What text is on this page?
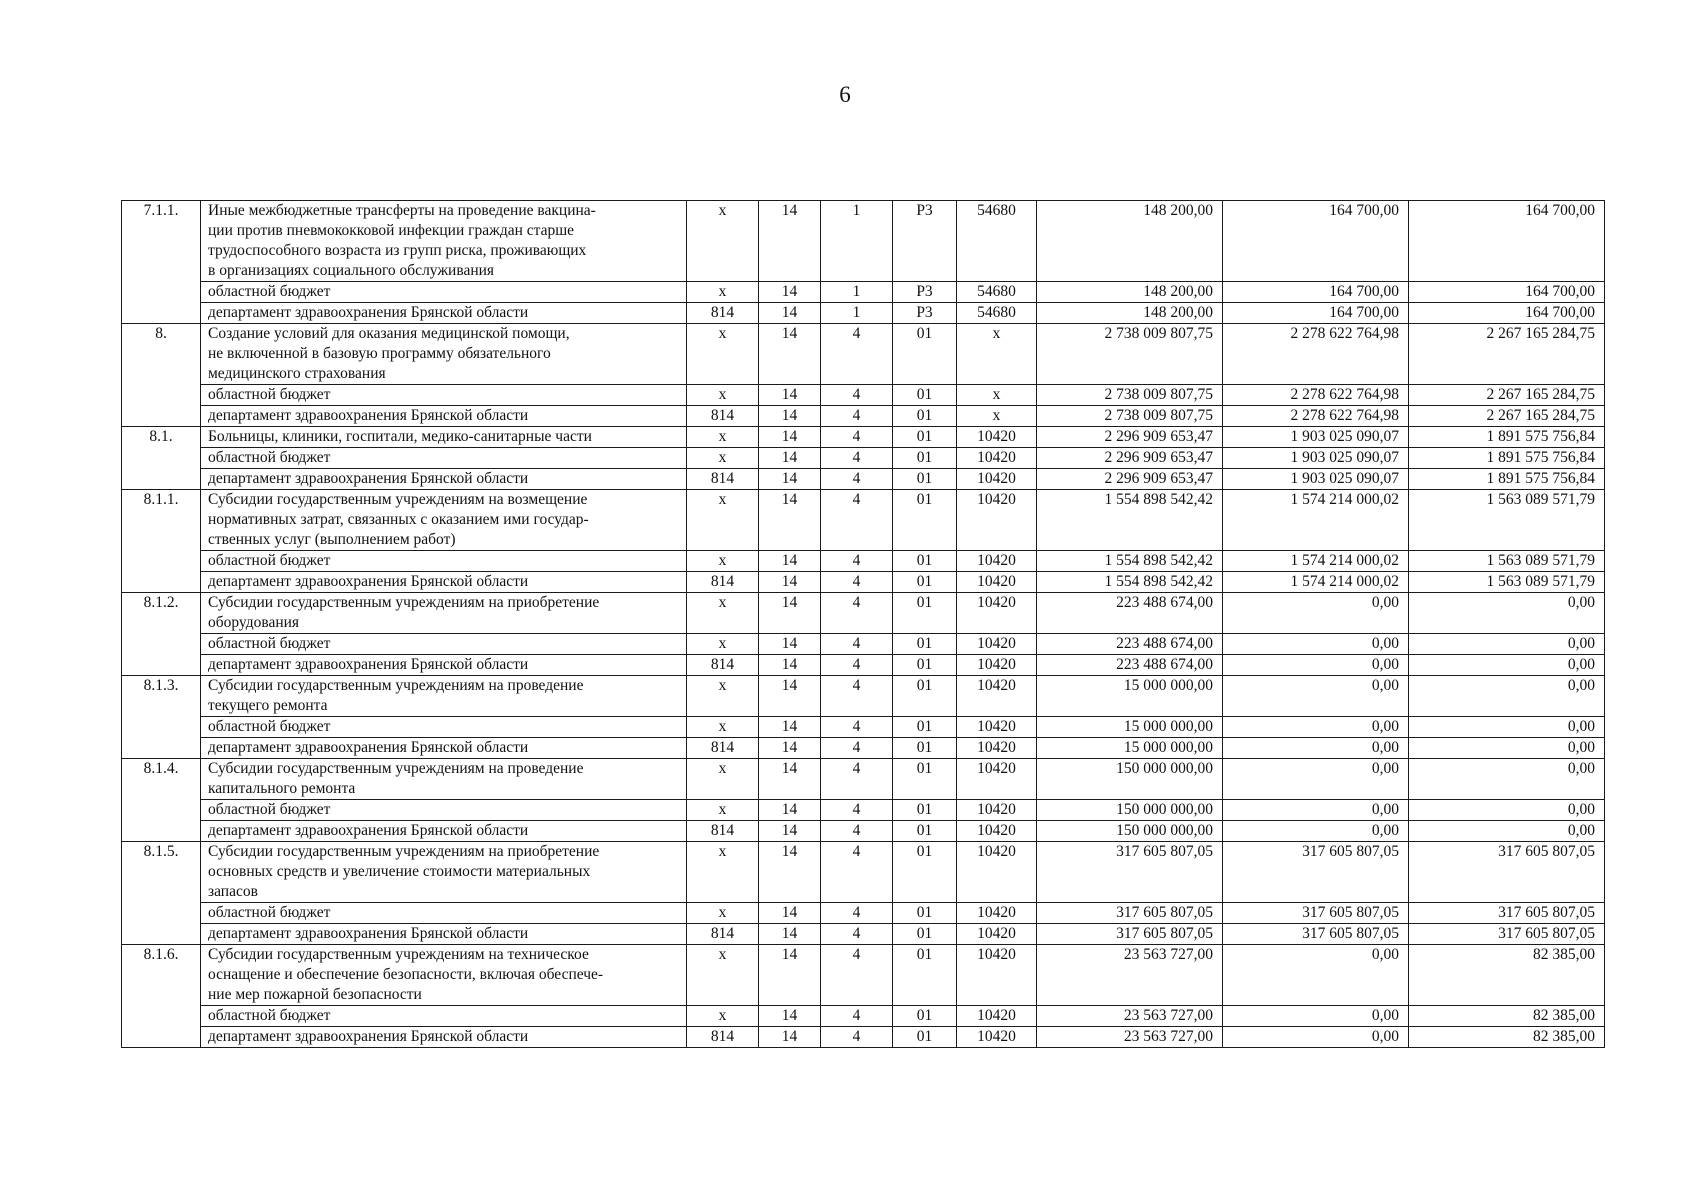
6
7.1.1.	Иные межбюджетные трансферты на проведение вакцина-
ции против пневмококковой инфекции граждан старше
трудоспособного возраста из групп риска, проживающих
в организациях социального обслуживания	х	14	1	Р3	54680	148 200,00	164 700,00	164 700,00
	областной бюджет	х	14	1	Р3	54680	148 200,00	164 700,00	164 700,00
	департамент здравоохранения Брянской области	814	14	1	Р3	54680	148 200,00	164 700,00	164 700,00
8.	Создание условий для оказания медицинской помощи,
не включенной в базовую программу обязательного
медицинского страхования	х	14	4	01	х	2 738 009 807,75	2 278 622 764,98	2 267 165 284,75
	областной бюджет	х	14	4	01	х	2 738 009 807,75	2 278 622 764,98	2 267 165 284,75
	департамент здравоохранения Брянской области	814	14	4	01	х	2 738 009 807,75	2 278 622 764,98	2 267 165 284,75
8.1.	Больницы, клиники, госпитали, медико-санитарные части	х	14	4	01	10420	2 296 909 653,47	1 903 025 090,07	1 891 575 756,84
	областной бюджет	х	14	4	01	10420	2 296 909 653,47	1 903 025 090,07	1 891 575 756,84
	департамент здравоохранения Брянской области	814	14	4	01	10420	2 296 909 653,47	1 903 025 090,07	1 891 575 756,84
8.1.1.	Субсидии государственным учреждениям на возмещение
нормативных затрат, связанных с оказанием ими государ-
ственных услуг (выполнением работ)	х	14	4	01	10420	1 554 898 542,42	1 574 214 000,02	1 563 089 571,79
	областной бюджет	х	14	4	01	10420	1 554 898 542,42	1 574 214 000,02	1 563 089 571,79
	департамент здравоохранения Брянской области	814	14	4	01	10420	1 554 898 542,42	1 574 214 000,02	1 563 089 571,79
8.1.2.	Субсидии государственным учреждениям на приобретение
оборудования	х	14	4	01	10420	223 488 674,00	0,00	0,00
	областной бюджет	х	14	4	01	10420	223 488 674,00	0,00	0,00
	департамент здравоохранения Брянской области	814	14	4	01	10420	223 488 674,00	0,00	0,00
8.1.3.	Субсидии государственным учреждениям на проведение
текущего ремонта	х	14	4	01	10420	15 000 000,00	0,00	0,00
	областной бюджет	х	14	4	01	10420	15 000 000,00	0,00	0,00
	департамент здравоохранения Брянской области	814	14	4	01	10420	15 000 000,00	0,00	0,00
8.1.4.	Субсидии государственным учреждениям на проведение
капитального ремонта	х	14	4	01	10420	150 000 000,00	0,00	0,00
	областной бюджет	х	14	4	01	10420	150 000 000,00	0,00	0,00
	департамент здравоохранения Брянской области	814	14	4	01	10420	150 000 000,00	0,00	0,00
8.1.5.	Субсидии государственным учреждениям на приобретение
основных средств и увеличение стоимости материальных
запасов	х	14	4	01	10420	317 605 807,05	317 605 807,05	317 605 807,05
	областной бюджет	х	14	4	01	10420	317 605 807,05	317 605 807,05	317 605 807,05
	департамент здравоохранения Брянской области	814	14	4	01	10420	317 605 807,05	317 605 807,05	317 605 807,05
8.1.6.	Субсидии государственным учреждениям на техническое
оснащение и обеспечение безопасности, включая обеспече-
ние мер пожарной безопасности	х	14	4	01	10420	23 563 727,00	0,00	82 385,00
	областной бюджет	х	14	4	01	10420	23 563 727,00	0,00	82 385,00
	департамент здравоохранения Брянской области	814	14	4	01	10420	23 563 727,00	0,00	82 385,00
